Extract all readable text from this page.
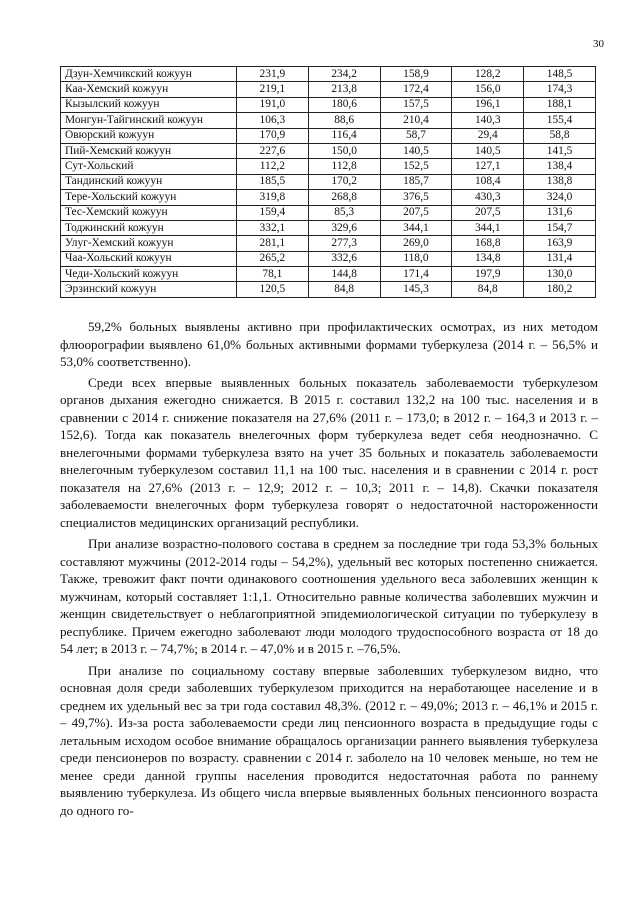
30
Дзун-Хемчикский кожуун	231,9	234,2	158,9	128,2	148,5
Каа-Хемский кожуун	219,1	213,8	172,4	156,0	174,3
Кызылский кожуун	191,0	180,6	157,5	196,1	188,1
Монгун-Тайгинский кожуун	106,3	88,6	210,4	140,3	155,4
Овюрский кожуун	170,9	116,4	58,7	29,4	58,8
Пий-Хемский кожуун	227,6	150,0	140,5	140,5	141,5
Сут-Хольский	112,2	112,8	152,5	127,1	138,4
Тандинский кожуун	185,5	170,2	185,7	108,4	138,8
Тере-Хольский кожуун	319,8	268,8	376,5	430,3	324,0
Тес-Хемский кожуун	159,4	85,3	207,5	207,5	131,6
Тоджинский кожуун	332,1	329,6	344,1	344,1	154,7
Улуг-Хемский кожуун	281,1	277,3	269,0	168,8	163,9
Чаа-Хольский кожуун	265,2	332,6	118,0	134,8	131,4
Чеди-Хольский кожуун	78,1	144,8	171,4	197,9	130,0
Эрзинский кожуун	120,5	84,8	145,3	84,8	180,2

59,2% больных выявлены активно при профилактических осмотрах, из них методом флюорографии выявлено 61,0% больных активными формами туберкулеза (2014 г. – 56,5% и 53,0% соответственно).

Среди всех впервые выявленных больных показатель заболеваемости туберкулезом органов дыхания ежегодно снижается. В 2015 г. составил 132,2 на 100 тыс. населения и в сравнении с 2014 г. снижение показателя на 27,6% (2011 г. – 173,0; в 2012 г. – 164,3 и 2013 г. – 152,6). Тогда как показатель внелегочных форм туберкулеза ведет себя неоднозначно. С внелегочными формами туберкулеза взято на учет 35 больных и показатель заболеваемости внелегочным туберкулезом составил 11,1 на 100 тыс. населения и в сравнении с 2014 г. рост показателя на 27,6% (2013 г. – 12,9; 2012 г. – 10,3; 2011 г. – 14,8). Скачки показателя заболеваемости внелегочных форм туберкулеза говорят о недостаточной настороженности специалистов медицинских организаций республики.

При анализе возрастно-полового состава в среднем за последние три года 53,3% больных составляют мужчины (2012-2014 годы – 54,2%), удельный вес которых постепенно снижается. Также, тревожит факт почти одинакового соотношения удельного веса заболевших женщин к мужчинам, который составляет 1:1,1. Относительно равные количества заболевших мужчин и женщин свидетельствует о неблагоприятной эпидемиологической ситуации по туберкулезу в республике. Причем ежегодно заболевают люди молодого трудоспособного возраста от 18 до 54 лет; в 2013 г. – 74,7%; в 2014 г. – 47,0% и в 2015 г. –76,5%.

При анализе по социальному составу впервые заболевших туберкулезом видно, что основная доля среди заболевших туберкулезом приходится на неработающее население и в среднем их удельный вес за три года составил 48,3%. (2012 г. – 49,0%; 2013 г. – 46,1% и 2015 г. – 49,7%). Из-за роста заболеваемости среди лиц пенсионного возраста в предыдущие годы с летальным исходом особое внимание обращалось организации раннего выявления туберкулеза среди пенсионеров по возрасту. сравнении с 2014 г. заболело на 10 человек меньше, но тем не менее среди данной группы населения проводится недостаточная работа по раннему выявлению туберкулеза. Из общего числа впервые выявленных больных пенсионного возраста до одного го-
